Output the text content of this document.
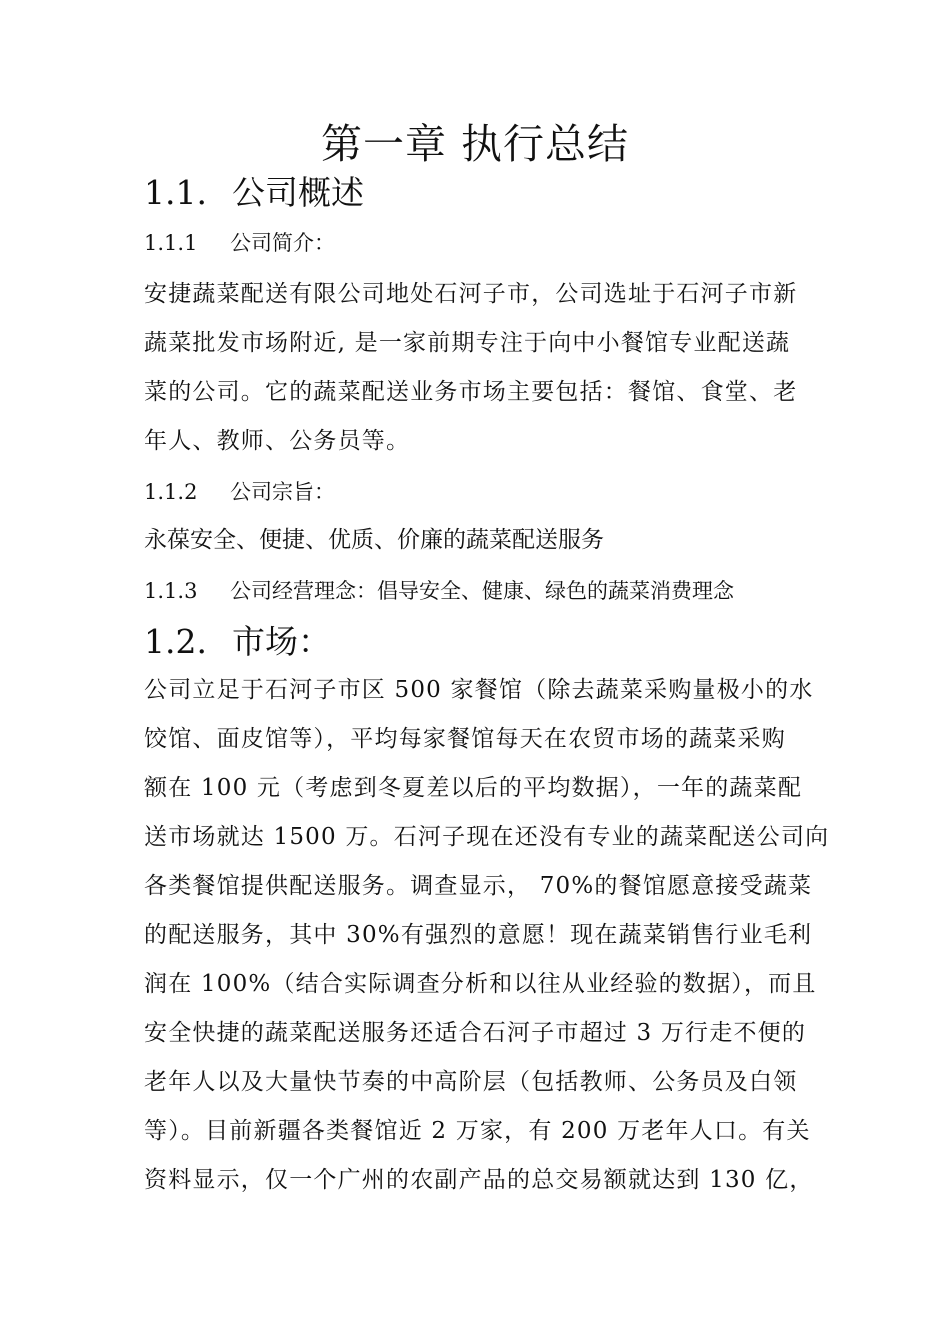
第一章 执行总结
1.1. 公司概述
1.1.1 公司简介：
安捷蔬菜配送有限公司地处石河子市，公司选址于石河子市新
蔬菜批发市场附近, 是一家前期专注于向中小餐馆专业配送蔬
菜的公司。它的蔬菜配送业务市场主要包括：餐馆、食堂、老
年人、教师、公务员等。
1.1.2 公司宗旨：
永葆安全、便捷、优质、价廉的蔬菜配送服务
1.1.3 公司经营理念：倡导安全、健康、绿色的蔬菜消费理念
1.2. 市场：
公司立足于石河子市区 500 家餐馆（除去蔬菜采购量极小的水
饺馆、面皮馆等），平均每家餐馆每天在农贸市场的蔬菜采购
额在 100 元（考虑到冬夏差以后的平均数据），一年的蔬菜配
送市场就达 1500 万。石河子现在还没有专业的蔬菜配送公司向
各类餐馆提供配送服务。调查显示， 70%的餐馆愿意接受蔬菜
的配送服务，其中 30%有强烈的意愿！现在蔬菜销售行业毛利
润在 100%（结合实际调查分析和以往从业经验的数据），而且
安全快捷的蔬菜配送服务还适合石河子市超过 3 万行走不便的
老年人以及大量快节奏的中高阶层（包括教师、公务员及白领
等）。目前新疆各类餐馆近 2 万家，有 200 万老年人口。有关
资料显示，仅一个广州的农副产品的总交易额就达到 130 亿，
